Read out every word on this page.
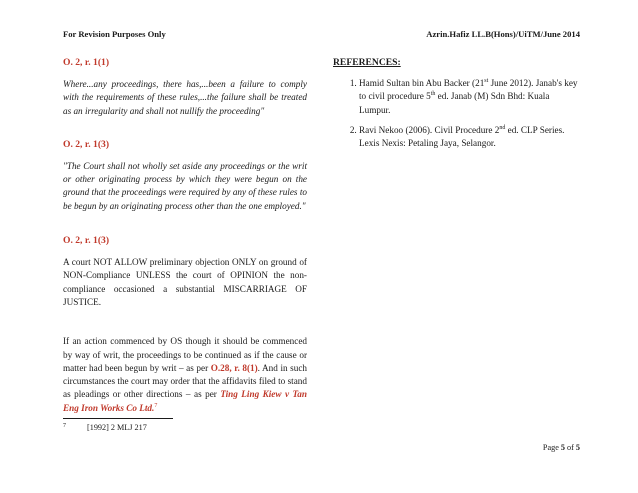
For Revision Purposes Only	Azrin.Hafiz LL.B(Hons)/UiTM/June 2014

O. 2, r. 1(1)

Where...any proceedings, there has,...been a failure to comply with the requirements of these rules,...the failure shall be treated as an irregularity and shall not nullify the proceeding"

O. 2, r. 1(3)

"The Court shall not wholly set aside any proceedings or the writ or other originating process by which they were begun on the ground that the proceedings were required by any of these rules to be begun by an originating process other than the one employed."

O. 2, r. 1(3)

A court NOT ALLOW preliminary objection ONLY on ground of NON-Compliance UNLESS the court of OPINION the non-compliance occasioned a substantial MISCARRIAGE OF JUSTICE.

If an action commenced by OS though it should be commenced by way of writ, the proceedings to be continued as if the cause or matter had been begun by writ – as per O.28, r. 8(1). And in such circumstances the court may order that the affidavits filed to stand as pleadings or other directions – as per Ting Ling Kiew v Tan Eng Iron Works Co Ltd.$^7$

REFERENCES:

1. Hamid Sultan bin Abu Backer (21st June 2012). Janab's key to civil procedure 5th ed. Janab (M) Sdn Bhd: Kuala Lumpur.
2. Ravi Nekoo (2006). Civil Procedure 2nd ed. CLP Series. Lexis Nexis: Petaling Jaya, Selangor.
7	[1992] 2 MLJ 217
Page 5 of 5
